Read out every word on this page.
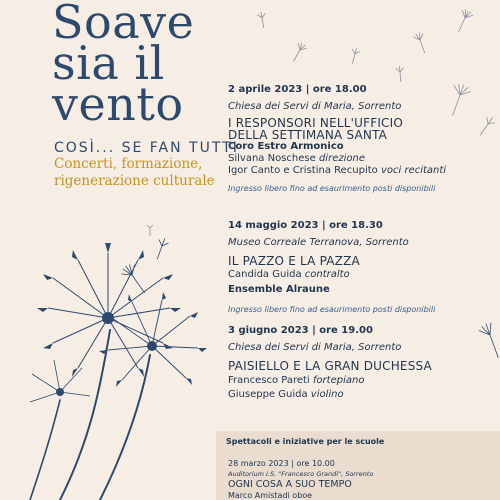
Soave
sia il
vento
COSÌ... SE FAN TUTTI
Concerti, formazione,
rigenerazione culturale
2 aprile 2023 | ore 18.00
Chiesa dei Servi di Maria, Sorrento
I RESPONSORI NELL'UFFICIO
DELLA SETTIMANA SANTA
Coro Estro Armonico
Silvana Noschese direzione
Igor Canto e Cristina Recupito voci recitanti
Ingresso libero fino ad esaurimento posti disponibili
14 maggio 2023 | ore 18.30
Museo Correale Terranova, Sorrento
IL PAZZO E LA PAZZA
Candida Guida contralto
Ensemble Alraune
Ingresso libero fino ad esaurimento posti disponibili
3 giugno 2023 | ore 19.00
Chiesa dei Servi di Maria, Sorrento
PAISIELLO E LA GRAN DUCHESSA
Francesco Pareti fortepiano
Giuseppe Guida violino
Spettacoli e iniziative per le scuole
28 marzo 2023 | ore 10.00
Auditorium I.S. "Francesco Grandi", Sorrento
OGNI COSA A SUO TEMPO
Marco Amistadi oboe
